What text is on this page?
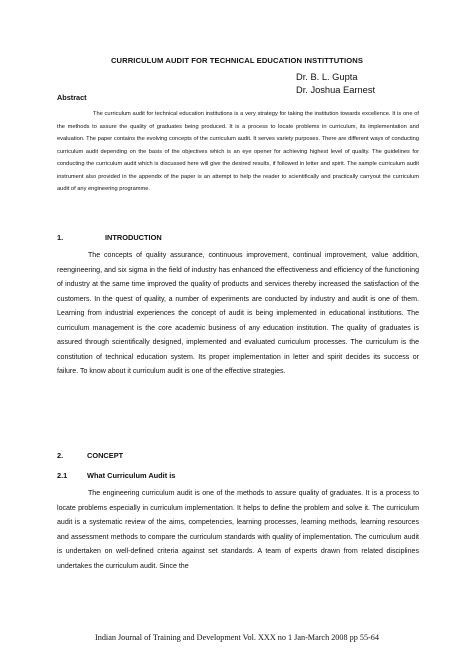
CURRICULUM AUDIT FOR TECHNICAL EDUCATION INSTITTUTIONS
Dr. B. L. Gupta
Dr. Joshua Earnest
Abstract

The curriculum audit for technical education institutions is a very strategy for taking the institution towards excellence. It is one of the methods to assure the quality of graduates being produced. It is a process to locate problems in curriculum, its implementation and evaluation. The paper contains the evolving concepts of the curriculum audit. It serves variety purposes. There are different ways of conducting curriculum audit depending on the basis of the objectives which is an eye opener for achieving highest level of quality. The guidelines for conducting the curriculum audit which is discussed here will give the desired results, if followed in letter and spirit. The sample curriculum audit instrument also provided in the appendix of the paper is an attempt to help the reader to scientifically and practically carryout the curriculum audit of any engineering programme.

1.	INTRODUCTION

The concepts of quality assurance, continuous improvement, continual improvement, value addition, reengineering, and six sigma in the field of industry has enhanced the effectiveness and efficiency of the functioning of industry at the same time improved the quality of products and services thereby increased the satisfaction of the customers. In the quest of quality, a number of experiments are conducted by industry and audit is one of them. Learning from industrial experiences the concept of audit is being implemented in educational institutions. The curriculum management is the core academic business of any education institution. The quality of graduates is assured through scientifically designed, implemented and evaluated curriculum processes. The curriculum is the constitution of technical education system. Its proper implementation in letter and spirit decides its success or failure. To know about it curriculum audit is one of the effective strategies.

2.	CONCEPT
2.1	What Curriculum Audit is

The engineering curriculum audit is one of the methods to assure quality of graduates. It is a process to locate problems especially in curriculum implementation. It helps to define the problem and solve it. The curriculum audit is a systematic review of the aims, competencies, learning processes, learning methods, learning resources and assessment methods to compare the curriculum standards with quality of implementation. The curriculum audit is undertaken on well-defined criteria against set standards. A team of experts drawn from related disciplines undertakes the curriculum audit. Since the

Indian Journal of Training and Development Vol. XXX no 1 Jan-March 2008 pp 55-64
